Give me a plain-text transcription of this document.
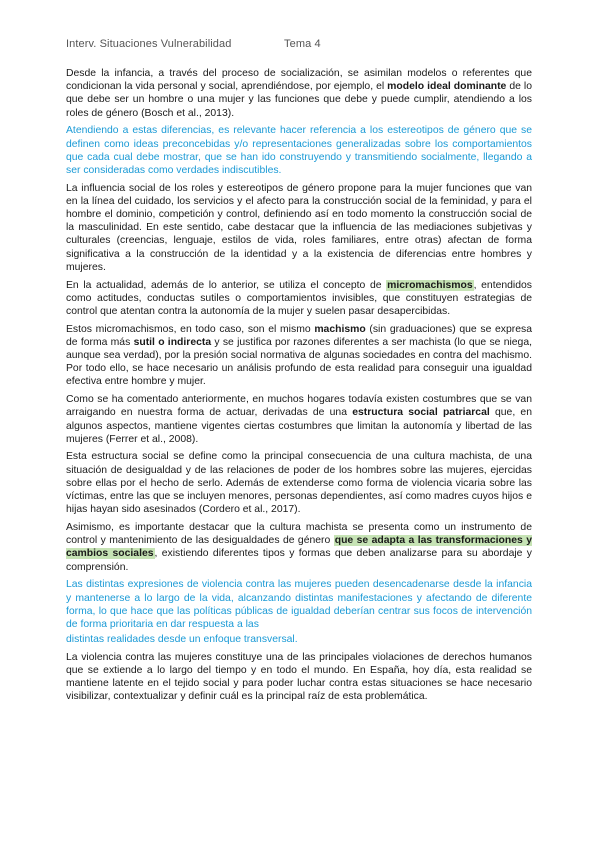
Interv. Situaciones Vulnerabilidad	Tema 4

Desde la infancia, a través del proceso de socialización, se asimilan modelos o referentes que condicionan la vida personal y social, aprendiéndose, por ejemplo, el modelo ideal dominante de lo que debe ser un hombre o una mujer y las funciones que debe y puede cumplir, atendiendo a los roles de género (Bosch et al., 2013).

Atendiendo a estas diferencias, es relevante hacer referencia a los estereotipos de género que se definen como ideas preconcebidas y/o representaciones generalizadas sobre los comportamientos que cada cual debe mostrar, que se han ido construyendo y transmitiendo socialmente, llegando a ser consideradas como verdades indiscutibles.

La influencia social de los roles y estereotipos de género propone para la mujer funciones que van en la línea del cuidado, los servicios y el afecto para la construcción social de la feminidad, y para el hombre el dominio, competición y control, definiendo así en todo momento la construcción social de la masculinidad. En este sentido, cabe destacar que la influencia de las mediaciones subjetivas y culturales (creencias, lenguaje, estilos de vida, roles familiares, entre otras) afectan de forma significativa a la construcción de la identidad y a la existencia de diferencias entre hombres y mujeres.

En la actualidad, además de lo anterior, se utiliza el concepto de micromachismos, entendidos como actitudes, conductas sutiles o comportamientos invisibles, que constituyen estrategias de control que atentan contra la autonomía de la mujer y suelen pasar desapercibidas.

Estos micromachismos, en todo caso, son el mismo machismo (sin graduaciones) que se expresa de forma más sutil o indirecta y se justifica por razones diferentes a ser machista (lo que se niega, aunque sea verdad), por la presión social normativa de algunas sociedades en contra del machismo. Por todo ello, se hace necesario un análisis profundo de esta realidad para conseguir una igualdad efectiva entre hombre y mujer.

Como se ha comentado anteriormente, en muchos hogares todavía existen costumbres que se van arraigando en nuestra forma de actuar, derivadas de una estructura social patriarcal que, en algunos aspectos, mantiene vigentes ciertas costumbres que limitan la autonomía y libertad de las mujeres (Ferrer et al., 2008).

Esta estructura social se define como la principal consecuencia de una cultura machista, de una situación de desigualdad y de las relaciones de poder de los hombres sobre las mujeres, ejercidas sobre ellas por el hecho de serlo. Además de extenderse como forma de violencia vicaria sobre las víctimas, entre las que se incluyen menores, personas dependientes, así como madres cuyos hijos e hijas hayan sido asesinados (Cordero et al., 2017).

Asimismo, es importante destacar que la cultura machista se presenta como un instrumento de control y mantenimiento de las desigualdades de género que se adapta a las transformaciones y cambios sociales, existiendo diferentes tipos y formas que deben analizarse para su abordaje y comprensión.

Las distintas expresiones de violencia contra las mujeres pueden desencadenarse desde la infancia y mantenerse a lo largo de la vida, alcanzando distintas manifestaciones y afectando de diferente forma, lo que hace que las políticas públicas de igualdad deberían centrar sus focos de intervención de forma prioritaria en dar respuesta a las

distintas realidades desde un enfoque transversal.

La violencia contra las mujeres constituye una de las principales violaciones de derechos humanos que se extiende a lo largo del tiempo y en todo el mundo. En España, hoy día, esta realidad se mantiene latente en el tejido social y para poder luchar contra estas situaciones se hace necesario visibilizar, contextualizar y definir cuál es la principal raíz de esta problemática.
